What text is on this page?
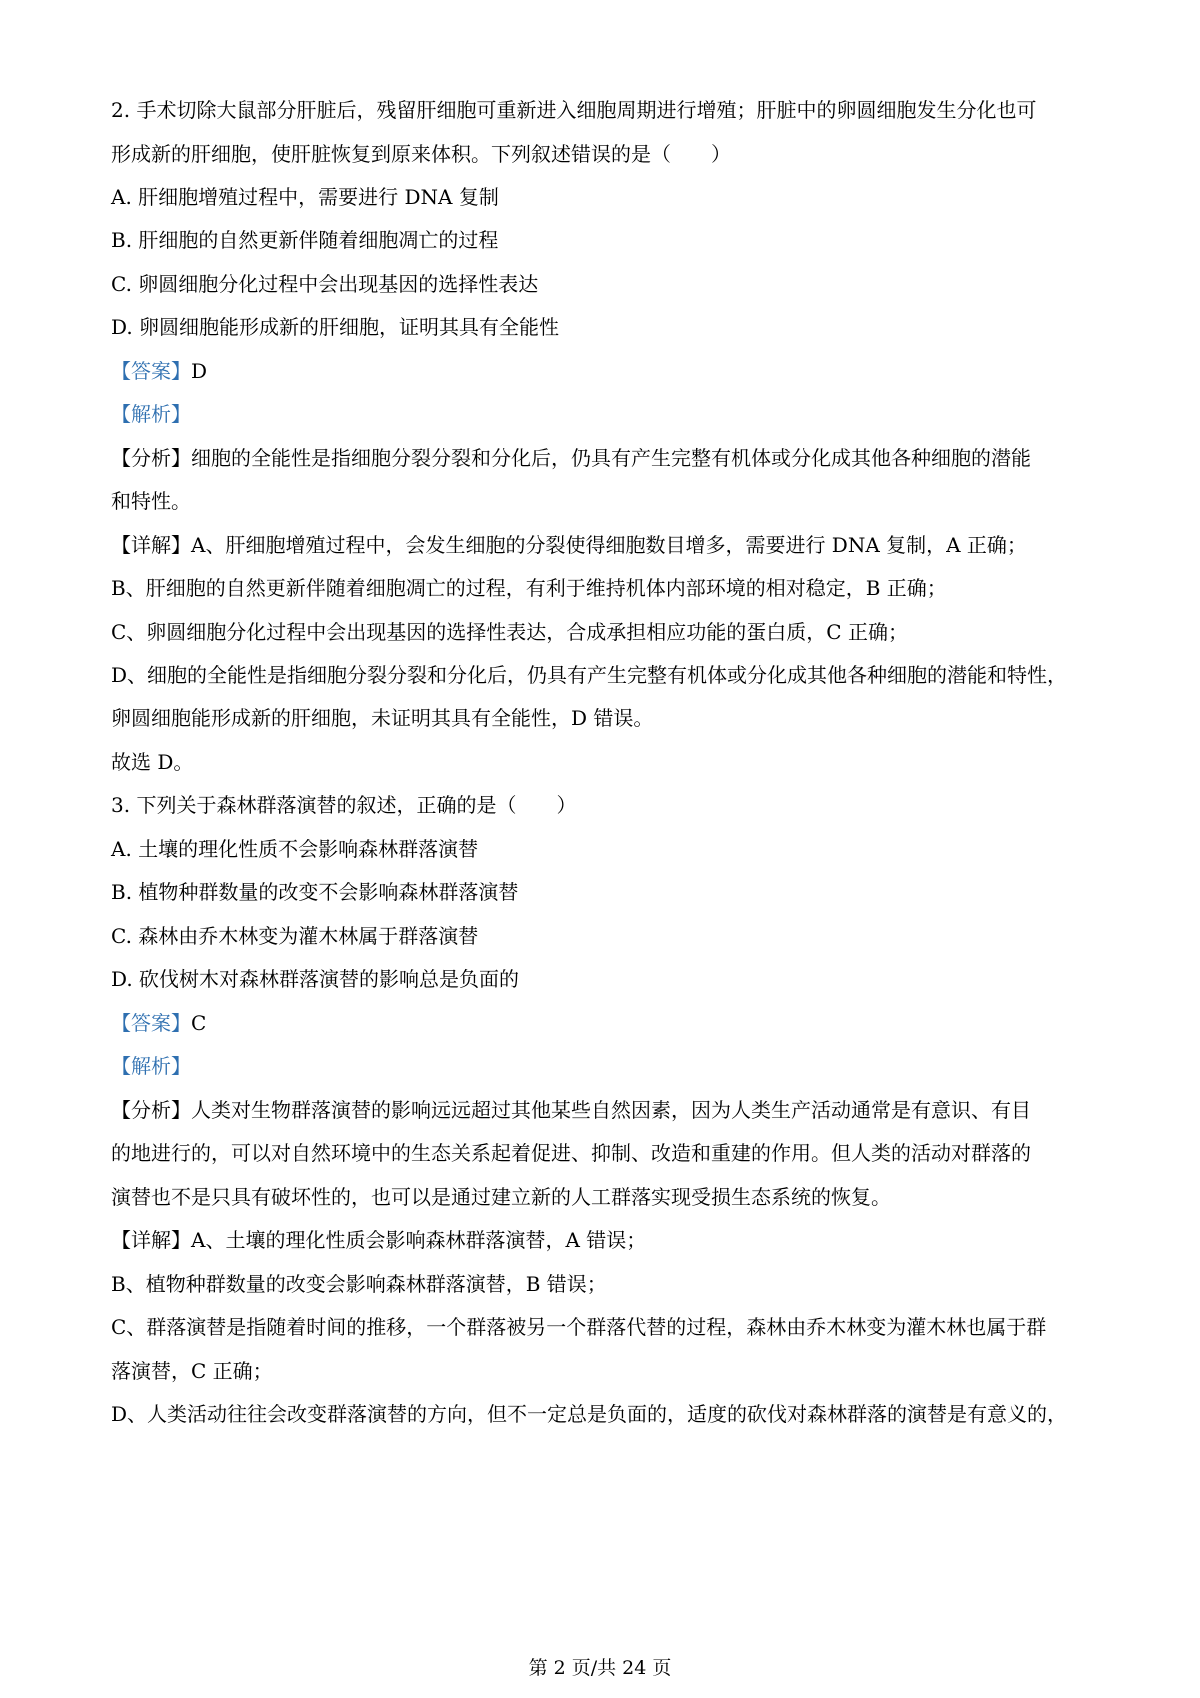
2. 手术切除大鼠部分肝脏后，残留肝细胞可重新进入细胞周期进行增殖；肝脏中的卵圆细胞发生分化也可
形成新的肝细胞，使肝脏恢复到原来体积。下列叙述错误的是（　　）
A. 肝细胞增殖过程中，需要进行 DNA 复制
B. 肝细胞的自然更新伴随着细胞凋亡的过程
C. 卵圆细胞分化过程中会出现基因的选择性表达
D. 卵圆细胞能形成新的肝细胞，证明其具有全能性
【答案】D
【解析】
【分析】细胞的全能性是指细胞分裂分裂和分化后，仍具有产生完整有机体或分化成其他各种细胞的潜能
和特性。
【详解】A、肝细胞增殖过程中，会发生细胞的分裂使得细胞数目增多，需要进行 DNA 复制，A 正确；
B、肝细胞的自然更新伴随着细胞凋亡的过程，有利于维持机体内部环境的相对稳定，B 正确；
C、卵圆细胞分化过程中会出现基因的选择性表达，合成承担相应功能的蛋白质，C 正确；
D、细胞的全能性是指细胞分裂分裂和分化后，仍具有产生完整有机体或分化成其他各种细胞的潜能和特性，
卵圆细胞能形成新的肝细胞，未证明其具有全能性，D 错误。
故选 D。
3. 下列关于森林群落演替的叙述，正确的是（　　）
A. 土壤的理化性质不会影响森林群落演替
B. 植物种群数量的改变不会影响森林群落演替
C. 森林由乔木林变为灌木林属于群落演替
D. 砍伐树木对森林群落演替的影响总是负面的
【答案】C
【解析】
【分析】人类对生物群落演替的影响远远超过其他某些自然因素，因为人类生产活动通常是有意识、有目
的地进行的，可以对自然环境中的生态关系起着促进、抑制、改造和重建的作用。但人类的活动对群落的
演替也不是只具有破坏性的，也可以是通过建立新的人工群落实现受损生态系统的恢复。
【详解】A、土壤的理化性质会影响森林群落演替，A 错误；
B、植物种群数量的改变会影响森林群落演替，B 错误；
C、群落演替是指随着时间的推移，一个群落被另一个群落代替的过程，森林由乔木林变为灌木林也属于群
落演替，C 正确；
D、人类活动往往会改变群落演替的方向，但不一定总是负面的，适度的砍伐对森林群落的演替是有意义的，
第 2 页/共 24 页
